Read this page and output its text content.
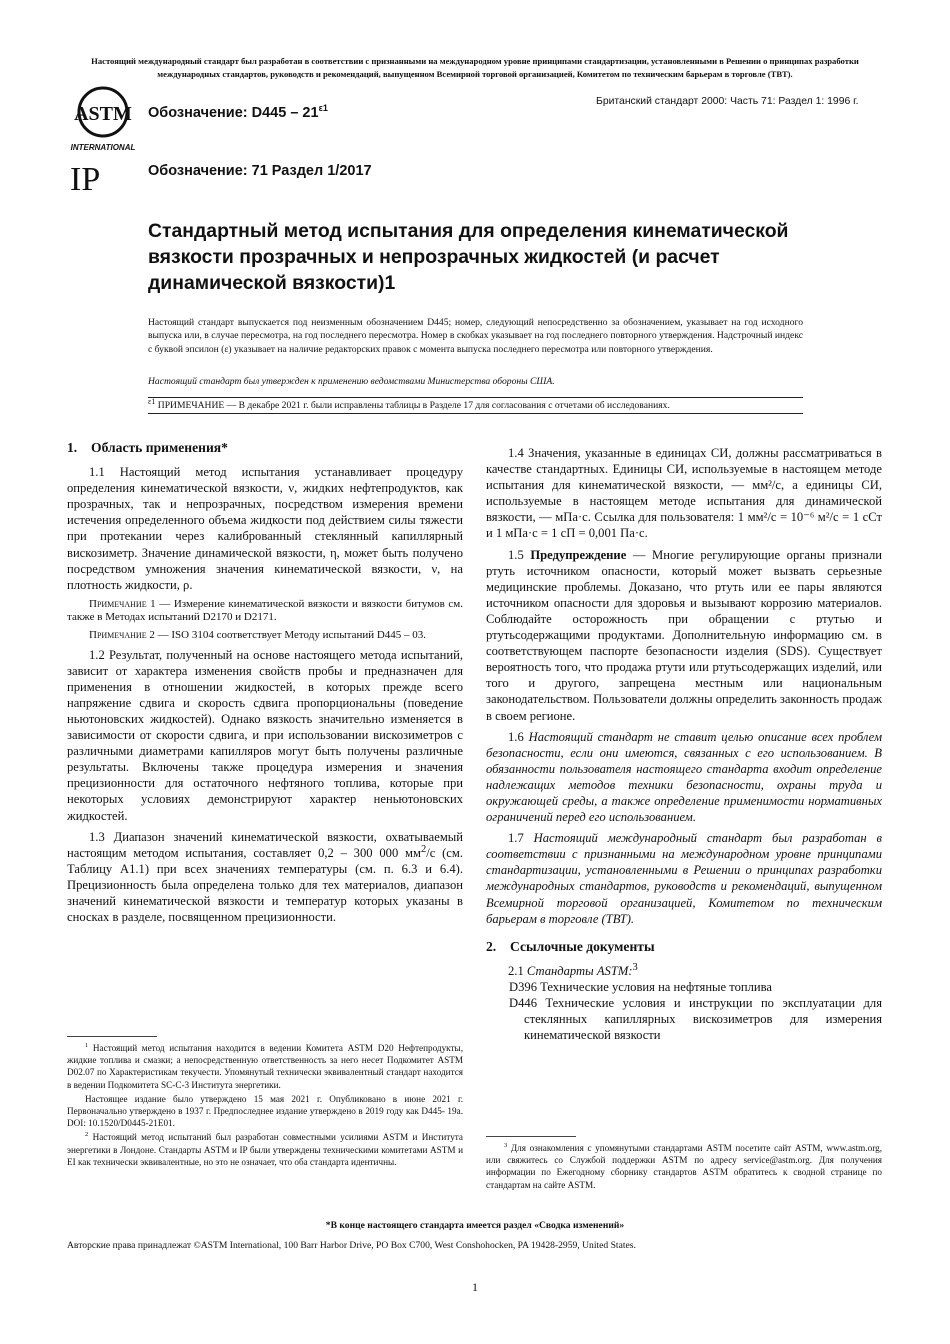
Настоящий международный стандарт был разработан в соответствии с признанными на международном уровне принципами стандартизации, установленными в Решении о принципах разработки международных стандартов, руководств и рекомендаций, выпущенном Всемирной торговой организацией, Комитетом по техническим барьерам в торговле (ТВТ).
ASTM
INTERNATIONAL
Обозначение: $D445 - 21^{\varepsilon 1}$
Британский стандарт 2000: Часть 71: Раздел 1: 1996 г.
IP	Обозначение: 71 Раздел 1/2017
Стандартный метод испытания для определения кинематической вязкости прозрачных и непрозрачных жидкостей (и расчет динамической вязкости)1
Настоящий стандарт выпускается под неизменным обозначением D445; номер, следующий непосредственно за обозначением, указывает на год исходного выпуска или, в случае пересмотра, на год последнего пересмотра. Номер в скобках указывает на год последнего повторного утверждения. Надстрочный индекс с буквой эпсилон (ε) указывает на наличие редакторских правок с момента выпуска последнего пересмотра или повторного утверждения.
Настоящий стандарт был утвержден к применению ведомствами Министерства обороны США.
$^{\varepsilon 1}$ ПРИМЕЧАНИЕ — В декабре 2021 г. были исправлены таблицы в Разделе 17 для согласования с отчетами об исследованиях.

1. Область применения*

1.1 Настоящий метод испытания устанавливает процедуру определения кинематической вязкости, ν, жидких нефтепродуктов, как прозрачных, так и непрозрачных, посредством измерения времени истечения определенного объема жидкости под действием силы тяжести при протекании через калиброванный стеклянный капиллярный вискозиметр. Значение динамической вязкости, η, может быть получено посредством умножения значения кинематической вязкости, ν, на плотность жидкости, ρ.

Примечание 1 — Измерение кинематической вязкости и вязкости битумов см. также в Методах испытаний D2170 и D2171.

Примечание 2 — ISO 3104 соответствует Методу испытаний D445 – 03.

1.2 Результат, полученный на основе настоящего метода испытаний, зависит от характера изменения свойств пробы и предназначен для применения в отношении жидкостей, в которых прежде всего напряжение сдвига и скорость сдвига пропорциональны (поведение ньютоновских жидкостей). Однако вязкость значительно изменяется в зависимости от скорости сдвига, и при использовании вискозиметров с различными диаметрами капилляров могут быть получены различные результаты. Включены также процедура измерения и значения прецизионности для остаточного нефтяного топлива, которые при некоторых условиях демонстрируют характер неньютоновских жидкостей.

1.3 Диапазон значений кинематической вязкости, охватываемый настоящим методом испытания, составляет 0,2 – 300 000 $мм^2/с$ (см. Таблицу A1.1) при всех значениях температуры (см. п. 6.3 и 6.4). Прецизионность была определена только для тех материалов, диапазон значений кинематической вязкости и температур которых указаны в сносках в разделе, посвященном прецизионности.

$^1$ Настоящий метод испытания находится в ведении Комитета ASTM D20 Нефтепродукты, жидкие топлива и смазки; а непосредственную ответственность за него несет Подкомитет ASTM D02.07 по Характеристикам текучести. Упомянутый технически эквивалентный стандарт находится в ведении Подкомитета SC-C-3 Института энергетики.

Настоящее издание было утверждено 15 мая 2021 г. Опубликовано в июне 2021 г. Первоначально утверждено в 1937 г. Предпоследнее издание утверждено в 2019 году как D445- 19a. DOI: 10.1520/D0445-21E01.

$^2$ Настоящий метод испытаний был разработан совместными усилиями ASTM и Института энергетики в Лондоне. Стандарты ASTM и IP были утверждены техническими комитетами ASTM и EI как технически эквивалентные, но это не означает, что оба стандарта идентичны.

1.4 Значения, указанные в единицах СИ, должны рассматриваться в качестве стандартных. Единицы СИ, используемые в настоящем методе испытания для кинематической вязкости, — мм²/с, а единицы СИ, используемые в настоящем методе испытания для динамической вязкости, — мПа·с. Ссылка для пользователя: 1 мм²/с = 10⁻⁶ м²/с = 1 сСт и 1 мПа·с = 1 сП = 0,001 Па·с.

1.5 Предупреждение — Многие регулирующие органы признали ртуть источником опасности, который может вызвать серьезные медицинские проблемы. Доказано, что ртуть или ее пары являются источником опасности для здоровья и вызывают коррозию материалов. Соблюдайте осторожность при обращении с ртутью и ртутьсодержащими продуктами. Дополнительную информацию см. в соответствующем паспорте безопасности изделия (SDS). Существует вероятность того, что продажа ртути или ртутьсодержащих изделий, или того и другого, запрещена местным или национальным законодательством. Пользователи должны определить законность продаж в своем регионе.

1.6 Настоящий стандарт не ставит целью описание всех проблем безопасности, если они имеются, связанных с его использованием. В обязанности пользователя настоящего стандарта входит определение надлежащих методов техники безопасности, охраны труда и окружающей среды, а также определение применимости нормативных ограничений перед его использованием.

1.7 Настоящий международный стандарт был разработан в соответствии с признанными на международном уровне принципами стандартизации, установленными в Решении о принципах разработки международных стандартов, руководств и рекомендаций, выпущенном Всемирной торговой организацией, Комитетом по техническим барьерам в торговле (ТВТ).

2. Ссылочные документы

2.1 Стандарты ASTM:$^3$

D396 Технические условия на нефтяные топлива

D446 Технические условия и инструкции по эксплуатации для стеклянных капиллярных вискозиметров для измерения кинематической вязкости

$^3$ Для ознакомления с упомянутыми стандартами ASTM посетите сайт ASTM, www.astm.org, или свяжитесь со Службой поддержки ASTM по адресу service@astm.org. Для получения информации по Ежегодному сборнику стандартов ASTM обратитесь к сводной странице по стандартам на сайте ASTM.

*В конце настоящего стандарта имеется раздел «Сводка изменений»
Авторские права принадлежат ©ASTM International, 100 Barr Harbor Drive, PO Box C700, West Conshohocken, PA 19428-2959, United States.
1
